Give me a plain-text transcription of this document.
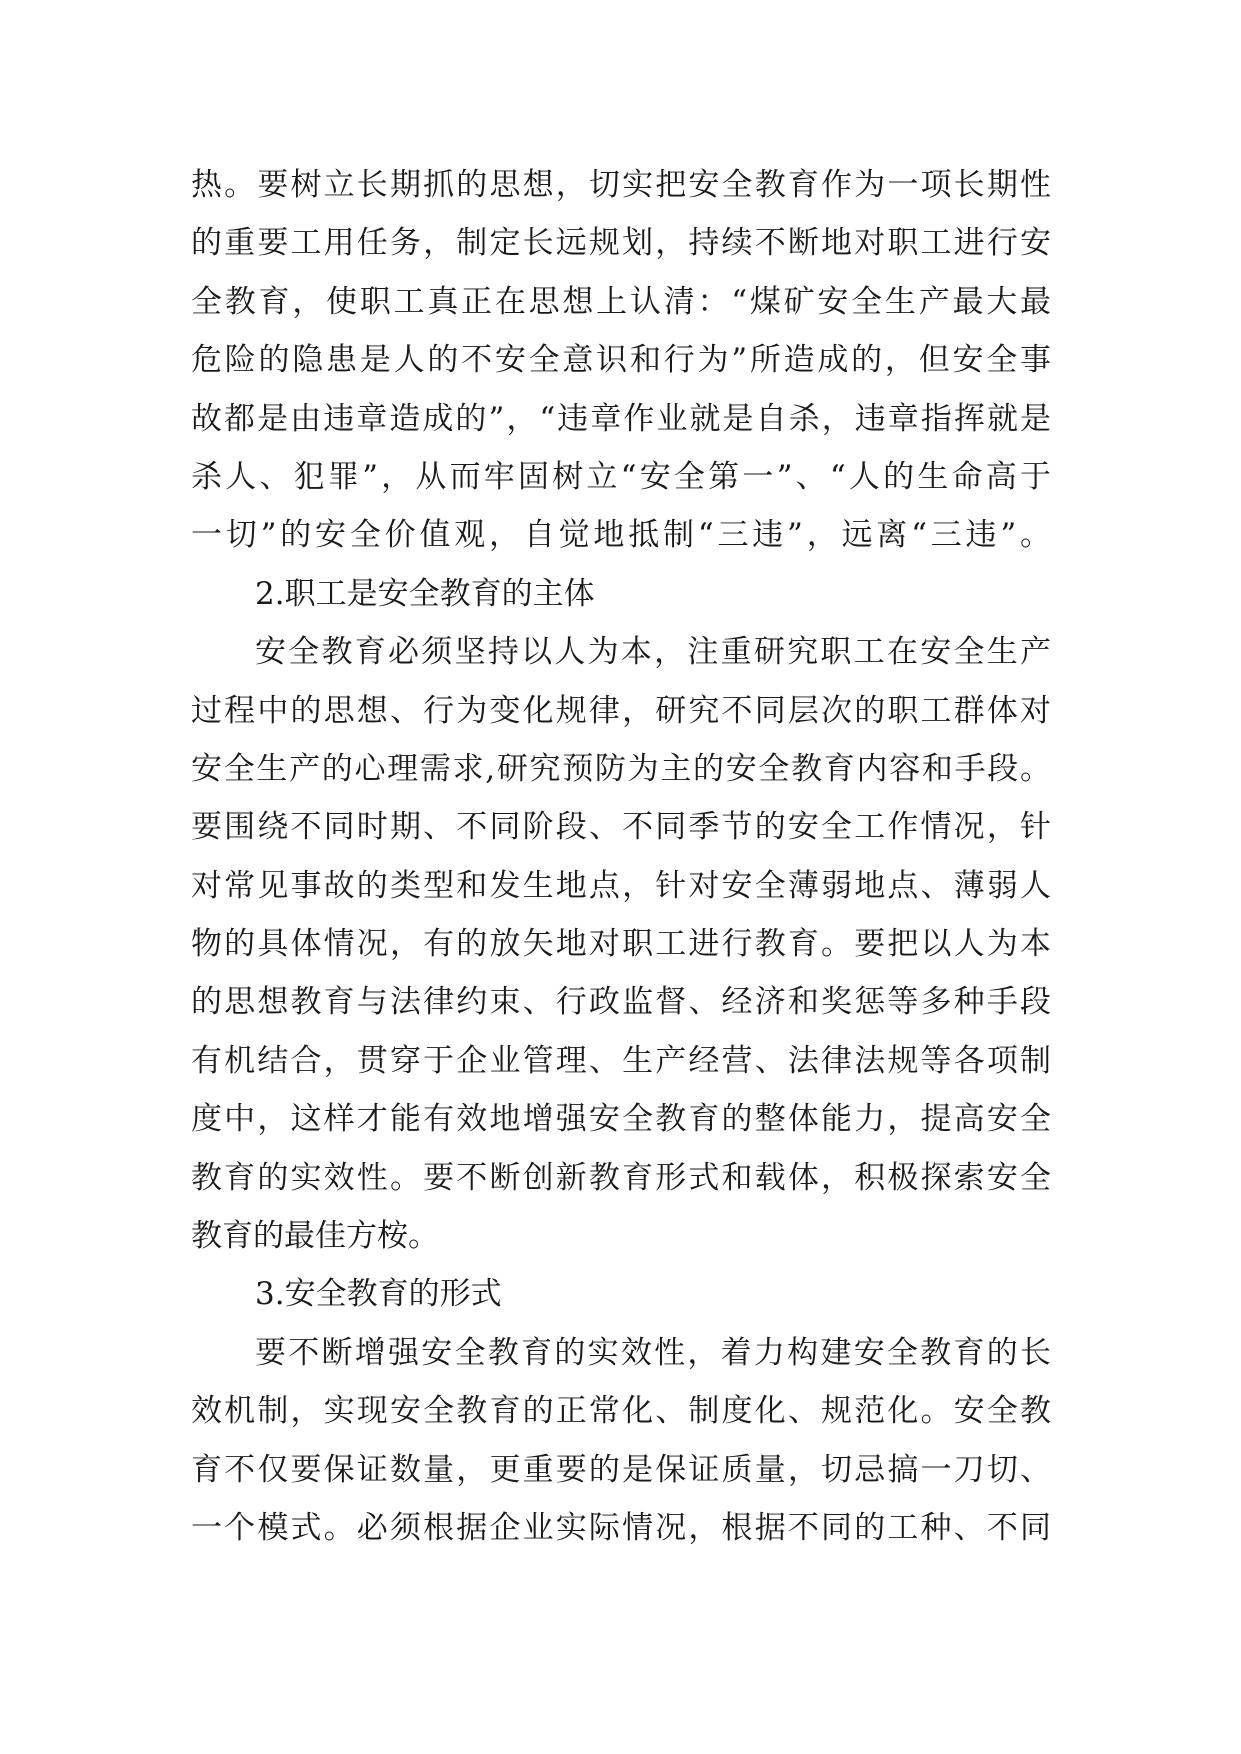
热。要树立长期抓的思想，切实把安全教育作为一项长期性
的重要工用任务，制定长远规划，持续不断地对职工进行安
全教育，使职工真正在思想上认清：“煤矿安全生产最大最
危险的隐患是人的不安全意识和行为”所造成的，但安全事
故都是由违章造成的”，“违章作业就是自杀，违章指挥就是
杀人、犯罪”，从而牢固树立“安全第一”、“人的生命高于
一切”的安全价值观，自觉地抵制“三违”，远离“三违”。
2.职工是安全教育的主体
安全教育必须坚持以人为本，注重研究职工在安全生产
过程中的思想、行为变化规律，研究不同层次的职工群体对
安全生产的心理需求,研究预防为主的安全教育内容和手段。
要围绕不同时期、不同阶段、不同季节的安全工作情况，针
对常见事故的类型和发生地点，针对安全薄弱地点、薄弱人
物的具体情况，有的放矢地对职工进行教育。要把以人为本
的思想教育与法律约束、行政监督、经济和奖惩等多种手段
有机结合，贯穿于企业管理、生产经营、法律法规等各项制
度中，这样才能有效地增强安全教育的整体能力，提高安全
教育的实效性。要不断创新教育形式和载体，积极探索安全
教育的最佳方桉。
3.安全教育的形式
要不断增强安全教育的实效性，着力构建安全教育的长
效机制，实现安全教育的正常化、制度化、规范化。安全教
育不仅要保证数量，更重要的是保证质量，切忌搞一刀切、
一个模式。必须根据企业实际情况，根据不同的工种、不同
